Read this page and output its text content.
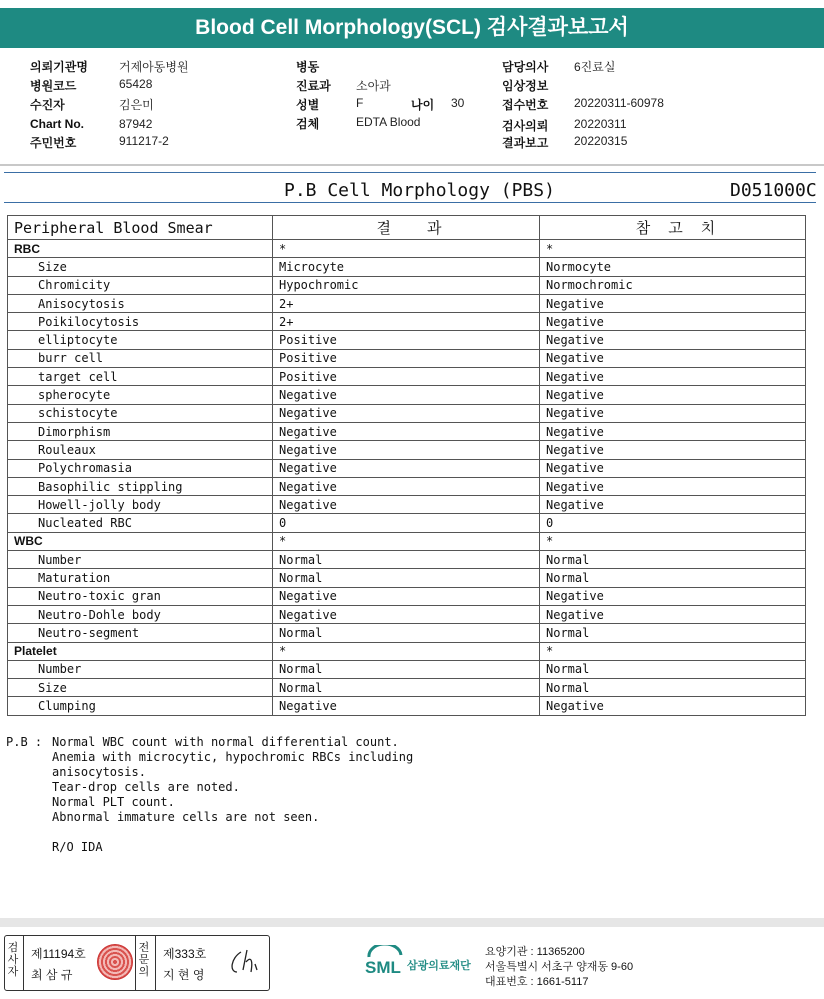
Blood Cell Morphology(SCL) 검사결과보고서
의뢰기관명	거제아동병원
병원코드	65428
수진자	김은미
Chart No.	87942
주민번호	911217-2
병동
진료과 소아과
성별	F
검체	EDTA Blood
나이 30
담당의사 6진료실
임상정보
접수번호 20220311-60978
검사의뢰 20220311
결과보고 20220315
P.B Cell Morphology (PBS)	D051000C
Peripheral Blood Smear	결    과	참  고  치
RBC	*	*
Size	Microcyte	Normocyte
Chromicity	Hypochromic	Normochromic
Anisocytosis	2+	Negative
Poikilocytosis	2+	Negative
elliptocyte	Positive	Negative
burr cell	Positive	Negative
target cell	Positive	Negative
spherocyte	Negative	Negative
schistocyte	Negative	Negative
Dimorphism	Negative	Negative
Rouleaux	Negative	Negative
Polychromasia	Negative	Negative
Basophilic stippling	Negative	Negative
Howell-jolly body	Negative	Negative
Nucleated RBC	0	0
WBC	*	*
Number	Normal	Normal
Maturation	Normal	Normal
Neutro-toxic gran	Negative	Negative
Neutro-Dohle body	Negative	Negative
Neutro-segment	Normal	Normal
Platelet	*	*
Number	Normal	Normal
Size	Normal	Normal
Clumping	Negative	Negative
P.B : Normal WBC count with normal differential count.
Anemia with microcytic, hypochromic RBCs including
anisocytosis.
Tear-drop cells are noted.
Normal PLT count.
Abnormal immature cells are not seen.
R/O IDA
검사자
제11194호
최 삼 규
전문의
제333호
지 현 영	SML 삼광의료재단
요양기관 : 11365200
서울특별시 서초구 양재동 9-60
대표번호 : 1661-5117
